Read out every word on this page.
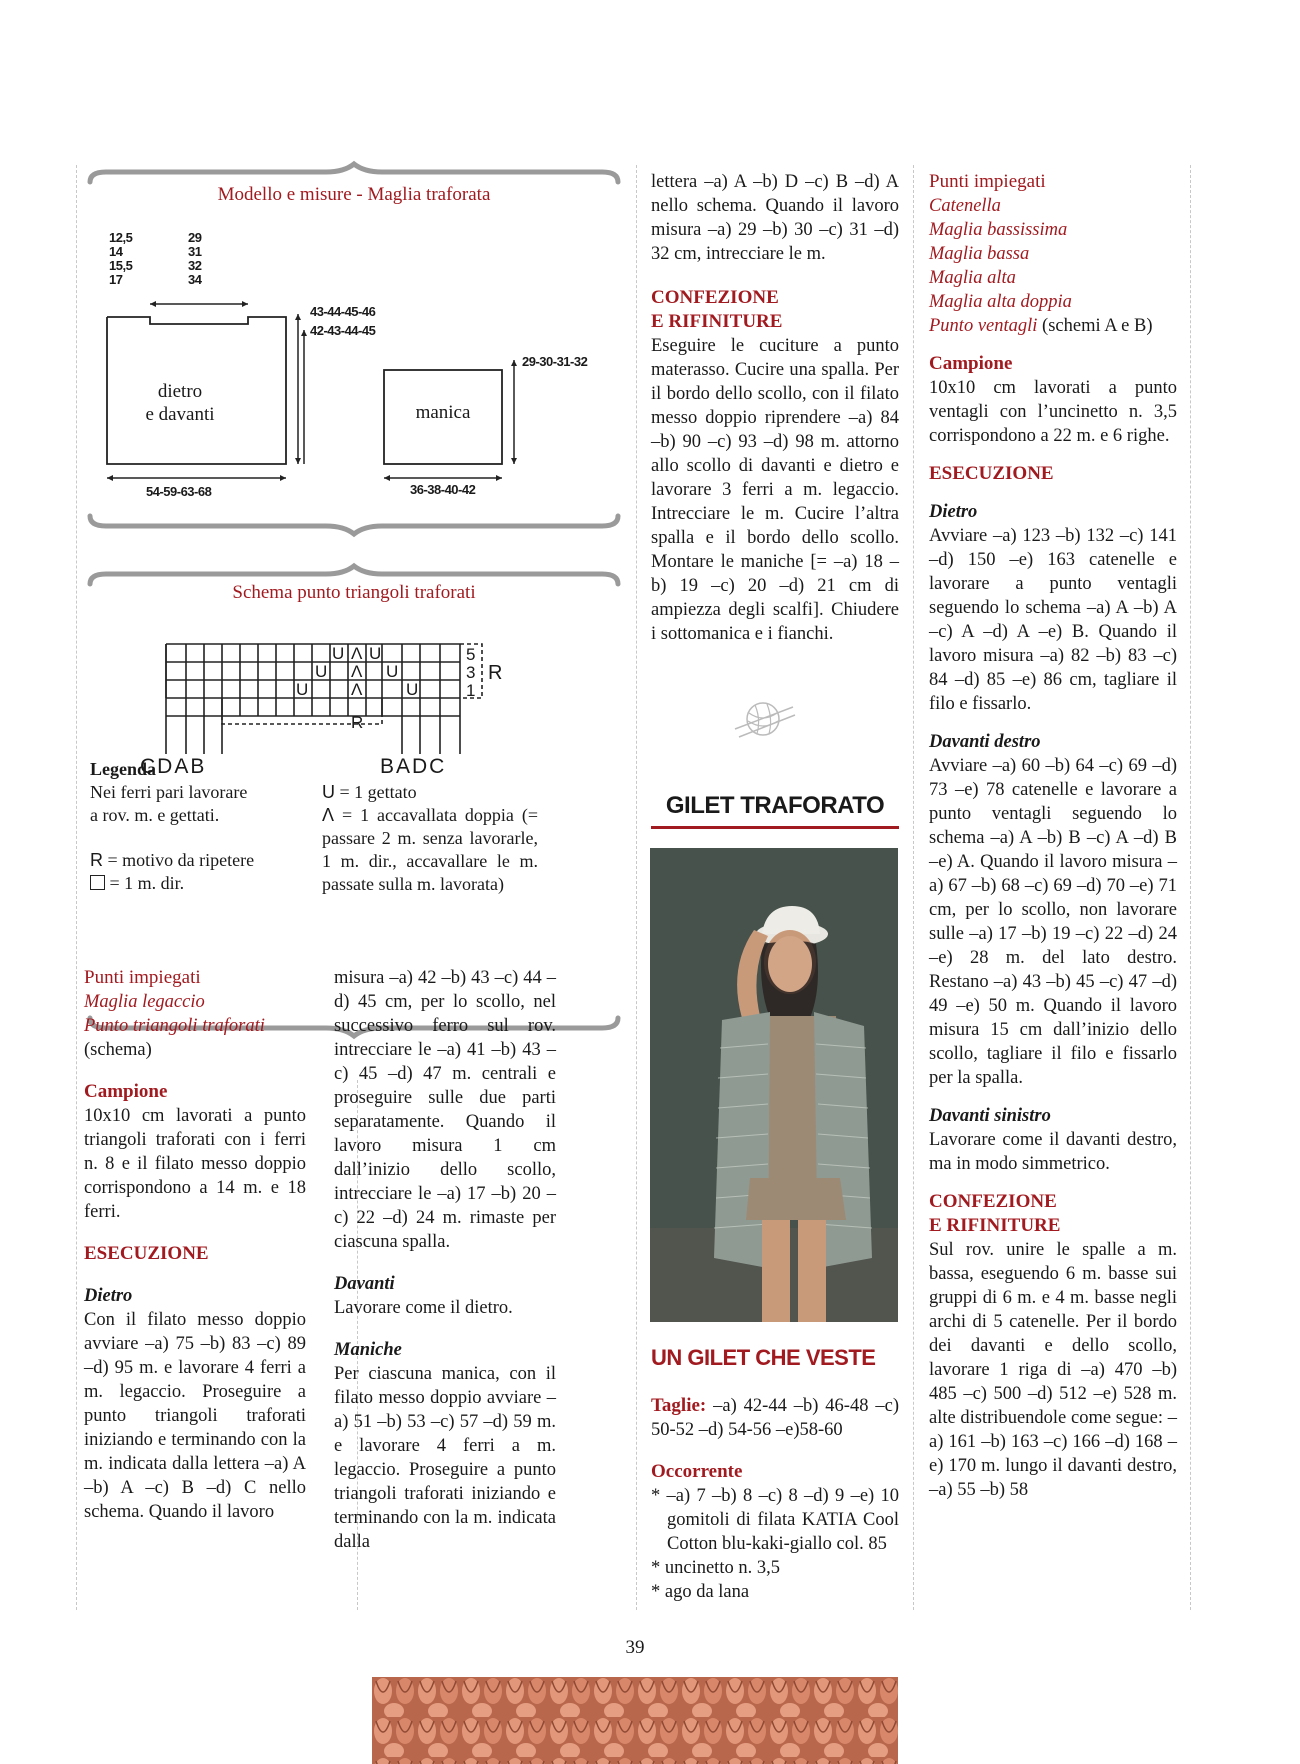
Modello e misure - Maglia traforata
12,5
14
15,5
17
29
31
32
34
43-44-45-46
42-43-44-45
dietro
e davanti
54-59-63-68
manica
29-30-31-32
36-38-40-42
Schema punto triangoli traforati
U Ʌ U
U Ʌ U
U	Ʌ	U
R
5
3
1
R
CDAB	BADC
Legenda
Nei ferri pari lavorare
a rov. m. e gettati.
R = motivo da ripetere
= 1 m. dir.
U = 1 gettato
Ʌ = 1 accavallata doppia (= passare 2 m. senza lavorarle, 1 m. dir., accavallare le m. passate sulla m. lavorata)
Punti impiegati
Maglia legaccio
Punto triangoli traforati
(schema)
Campione

10x10 cm lavorati a punto triangoli traforati con i ferri n. 8 e il filato messo doppio corrispondono a 14 m. e 18 ferri.

ESECUZIONE
Dietro

Con il filato messo doppio avviare –a) 75 –b) 83 –c) 89 –d) 95 m. e lavorare 4 ferri a m. legaccio. Proseguire a punto triangoli traforati iniziando e terminando con la m. indicata dalla lettera –a) A –b) A –c) B –d) C nello schema. Quando il lavoro

misura –a) 42 –b) 43 –c) 44 –d) 45 cm, per lo scollo, nel successivo ferro sul rov. intrecciare le –a) 41 –b) 43 –c) 45 –d) 47 m. centrali e proseguire sulle due parti separatamente. Quando il lavoro misura 1 cm dall’inizio dello scollo, intrecciare le –a) 17 –b) 20 –c) 22 –d) 24 m. rimaste per ciascuna spalla.

Davanti

Lavorare come il dietro.

Maniche

Per ciascuna manica, con il filato messo doppio avviare –a) 51 –b) 53 –c) 57 –d) 59 m. e lavorare 4 ferri a m. legaccio. Proseguire a punto triangoli traforati iniziando e terminando con la m. indicata dalla

lettera –a) A –b) D –c) B –d) A nello schema. Quando il lavoro misura –a) 29 –b) 30 –c) 31 –d) 32 cm, intrecciare le m.

CONFEZIONE
E RIFINITURE

Eseguire le cuciture a punto materasso. Cucire una spalla. Per il bordo dello scollo, con il filato messo doppio riprendere –a) 84 –b) 90 –c) 93 –d) 98 m. attorno allo scollo di davanti e dietro e lavorare 3 ferri a m. legaccio. Intrecciare le m. Cucire l’altra spalla e il bordo dello scollo. Montare le maniche [= –a) 18 –b) 19 –c) 20 –d) 21 cm di ampiezza degli scalfi]. Chiudere i sottomanica e i fianchi.

GILET TRAFORATO
UN GILET CHE VESTE

Taglie: –a) 42-44 –b) 46-48 –c) 50-52 –d) 54-56 –e)58-60

Occorrente
* –a) 7 –b) 8 –c) 8 –d) 9 –e) 10 gomitoli di filata KATIA Cool Cotton blu-kaki-giallo col. 85
* uncinetto n. 3,5
* ago da lana
Punti impiegati
Catenella
Maglia bassissima
Maglia bassa
Maglia alta
Maglia alta doppia
Punto ventagli (schemi A e B)
Campione

10x10 cm lavorati a punto ventagli con l’uncinetto n. 3,5 corrispondono a 22 m. e 6 righe.

ESECUZIONE
Dietro

Avviare –a) 123 –b) 132 –c) 141 –d) 150 –e) 163 catenelle e lavorare a punto ventagli seguendo lo schema –a) A –b) A –c) A –d) A –e) B. Quando il lavoro misura –a) 82 –b) 83 –c) 84 –d) 85 –e) 86 cm, tagliare il filo e fissarlo.

Davanti destro

Avviare –a) 60 –b) 64 –c) 69 –d) 73 –e) 78 catenelle e lavorare a punto ventagli seguendo lo schema –a) A –b) B –c) A –d) B –e) A. Quando il lavoro misura –a) 67 –b) 68 –c) 69 –d) 70 –e) 71 cm, per lo scollo, non lavorare sulle –a) 17 –b) 19 –c) 22 –d) 24 –e) 28 m. del lato destro. Restano –a) 43 –b) 45 –c) 47 –d) 49 –e) 50 m. Quando il lavoro misura 15 cm dall’inizio dello scollo, tagliare il filo e fissarlo per la spalla.

Davanti sinistro

Lavorare come il davanti destro, ma in modo simmetrico.

CONFEZIONE
E RIFINITURE

Sul rov. unire le spalle a m. bassa, eseguendo 6 m. basse sui gruppi di 6 m. e 4 m. basse negli archi di 5 catenelle. Per il bordo dei davanti e dello scollo, lavorare 1 riga di –a) 470 –b) 485 –c) 500 –d) 512 –e) 528 m. alte distribuendole come segue: –a) 161 –b) 163 –c) 166 –d) 168 –e) 170 m. lungo il davanti destro, –a) 55 –b) 58

39
